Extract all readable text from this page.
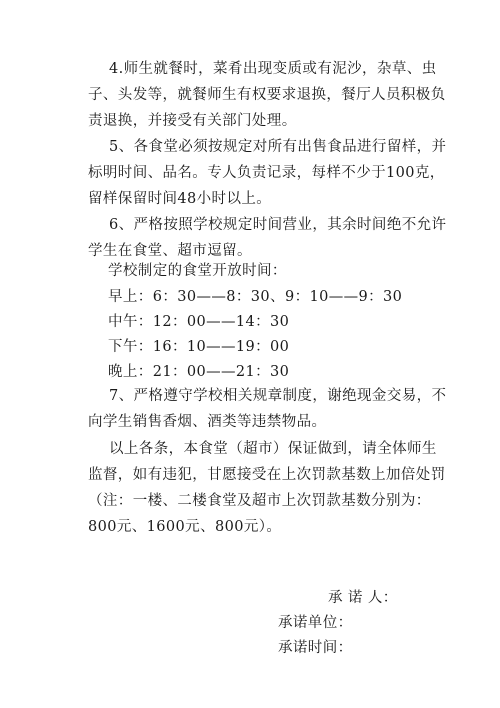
4.师生就餐时，菜肴出现变质或有泥沙，杂草、虫子、头发等，就餐师生有权要求退换，餐厅人员积极负责退换，并接受有关部门处理。

5、各食堂必须按规定对所有出售食品进行留样，并标明时间、品名。专人负责记录，每样不少于100克，留样保留时间48小时以上。

6、严格按照学校规定时间营业，其余时间绝不允许学生在食堂、超市逗留。

学校制定的食堂开放时间：

早上：6：30——8：30、9：10——9：30

中午：12：00——14：30

下午：16：10——19：00

晚上：21：00——21：30

7、严格遵守学校相关规章制度，谢绝现金交易，不向学生销售香烟、酒类等违禁物品。

以上各条，本食堂（超市）保证做到，请全体师生监督，如有违犯，甘愿接受在上次罚款基数上加倍处罚（注：一楼、二楼食堂及超市上次罚款基数分别为：800元、1600元、800元）。

承 诺 人：

承诺单位：

承诺时间：
